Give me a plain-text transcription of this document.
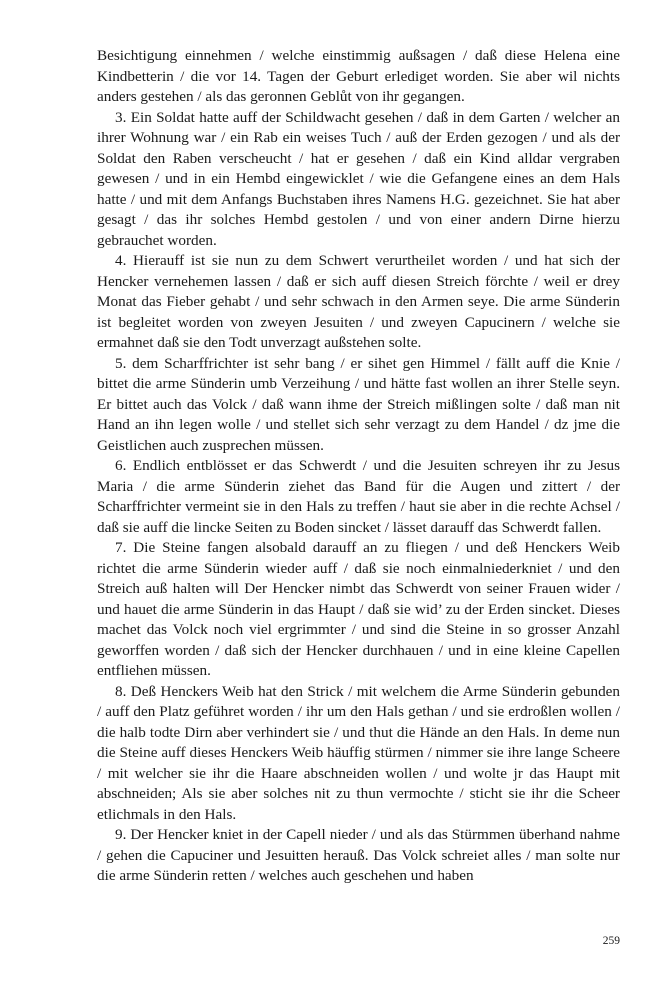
Besichtigung einnehmen / welche einstimmig außsagen / daß diese Helena eine Kindbetterin / die vor 14. Tagen der Geburt erlediget worden. Sie aber wil nichts anders gestehen / als das geronnen Geblůt von ihr gegangen.

3. Ein Soldat hatte auff der Schildwacht gesehen / daß in dem Garten / welcher an ihrer Wohnung war / ein Rab ein weises Tuch / auß der Erden gezogen / und als der Soldat den Raben verscheucht / hat er gesehen / daß ein Kind alldar vergraben gewesen / und in ein Hembd eingewicklet / wie die Gefangene eines an dem Hals hatte / und mit dem Anfangs Buchstaben ihres Namens H.G. gezeichnet. Sie hat aber gesagt / das ihr solches Hembd gestolen / und von einer andern Dirne hierzu gebrauchet worden.

4. Hierauff ist sie nun zu dem Schwert verurtheilet worden / und hat sich der Hencker vernehemen lassen / daß er sich auff diesen Streich förchte / weil er drey Monat das Fieber gehabt / und sehr schwach in den Armen seye. Die arme Sünderin ist begleitet worden von zweyen Jesuiten / und zweyen Capucinern / welche sie ermahnet daß sie den Todt unverzagt außstehen solte.

5. dem Scharffrichter ist sehr bang / er sihet gen Himmel / fällt auff die Knie / bittet die arme Sünderin umb Verzeihung / und hätte fast wollen an ihrer Stelle seyn. Er bittet auch das Volck / daß wann ihme der Streich mißlingen solte / daß man nit Hand an ihn legen wolle / und stellet sich sehr verzagt zu dem Handel / dz jme die Geistlichen auch zusprechen müssen.

6. Endlich entblösset er das Schwerdt / und die Jesuiten schreyen ihr zu Jesus Maria / die arme Sünderin ziehet das Band für die Augen und zittert / der Scharffrichter vermeint sie in den Hals zu treffen / haut sie aber in die rechte Achsel / daß sie auff die lincke Seiten zu Boden sincket / lässet darauff das Schwerdt fallen.

7. Die Steine fangen alsobald darauff an zu fliegen / und deß Henckers Weib richtet die arme Sünderin wieder auff / daß sie noch einmalniederkniet / und den Streich auß halten will Der Hencker nimbt das Schwerdt von seiner Frauen wider / und hauet die arme Sünderin in das Haupt / daß sie wid’ zu der Erden sincket. Dieses machet das Volck noch viel ergrimmter / und sind die Steine in so grosser Anzahl geworffen worden / daß sich der Hencker durchhauen / und in eine kleine Capellen entfliehen müssen.

8. Deß Henckers Weib hat den Strick / mit welchem die Arme Sünderin gebunden / auff den Platz geführet worden / ihr um den Hals gethan / und sie erdroßlen wollen / die halb todte Dirn aber verhindert sie / und thut die Hände an den Hals. In deme nun die Steine auff dieses Henckers Weib häuffig stürmen / nimmer sie ihre lange Scheere / mit welcher sie ihr die Haare abschneiden wollen / und wolte jr das Haupt mit abschneiden; Als sie aber solches nit zu thun vermochte / sticht sie ihr die Scheer etlichmals in den Hals.

9. Der Hencker kniet in der Capell nieder / und als das Stürmmen überhand nahme / gehen die Capuciner und Jesuitten herauß. Das Volck schreiet alles / man solte nur die arme Sünderin retten / welches auch geschehen und haben

259
